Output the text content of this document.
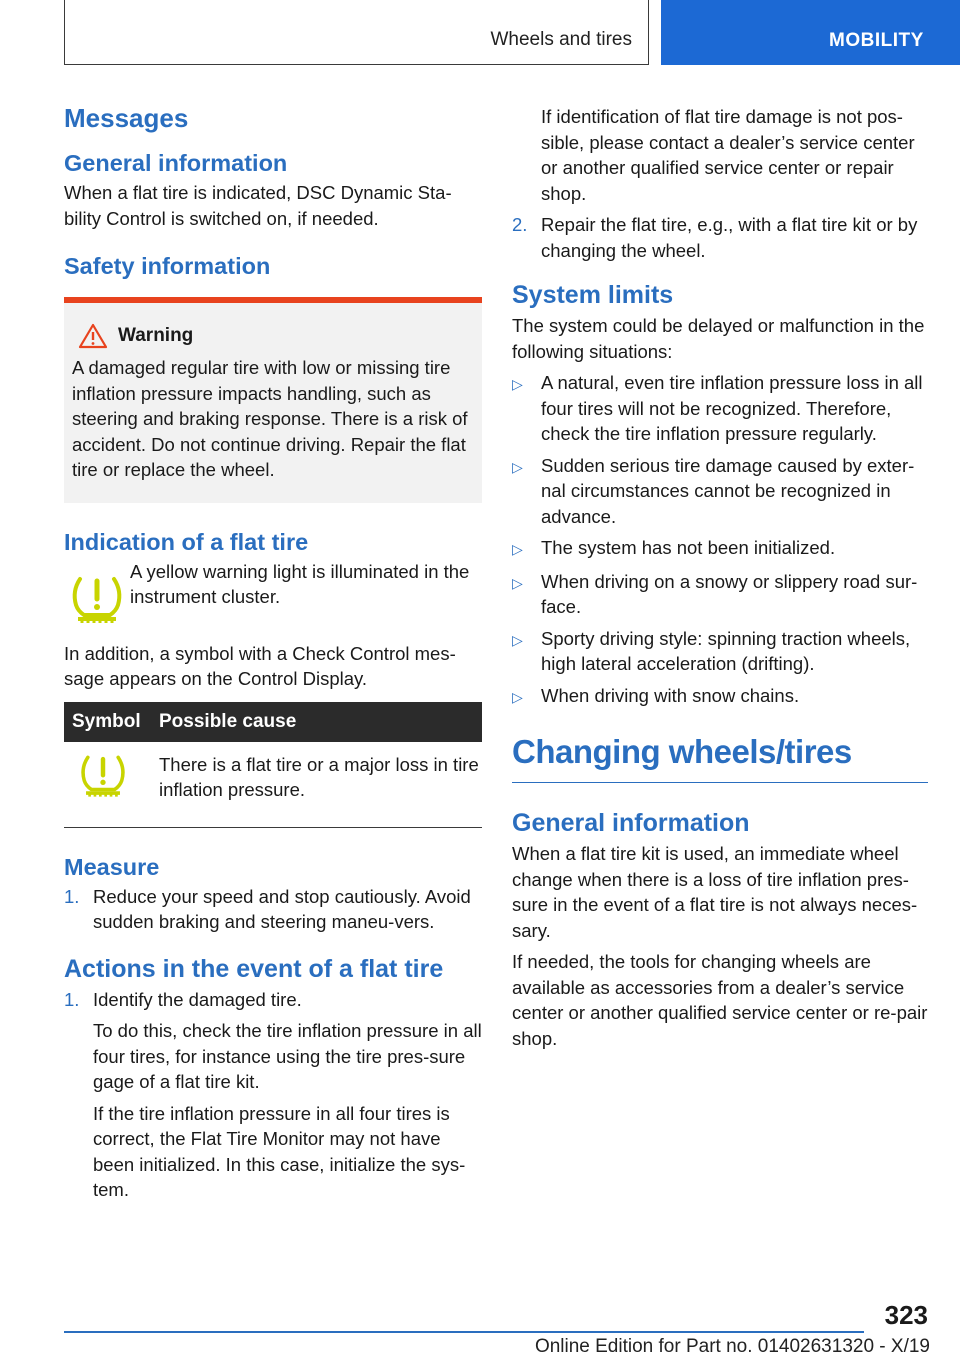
Wheels and tires	MOBILITY
Messages
General information

When a flat tire is indicated, DSC Dynamic Sta-bility Control is switched on, if needed.

Safety information
Warning

A damaged regular tire with low or missing tire inflation pressure impacts handling, such as steering and braking response. There is a risk of accident. Do not continue driving. Repair the flat tire or replace the wheel.

Indication of a flat tire

A yellow warning light is illuminated in the instrument cluster.

In addition, a symbol with a Check Control mes-sage appears on the Control Display.

Symbol	Possible cause
	There is a flat tire or a major loss in tire inflation pressure.
Measure
1. Reduce your speed and stop cautiously. Avoid sudden braking and steering maneu-vers.
Actions in the event of a flat tire
1. Identify the damaged tire.

To do this, check the tire inflation pressure in all four tires, for instance using the tire pres-sure gage of a flat tire kit.

If the tire inflation pressure in all four tires is correct, the Flat Tire Monitor may not have been initialized. In this case, initialize the sys-tem.

If identification of flat tire damage is not pos-sible, please contact a dealer’s service center or another qualified service center or repair shop.

2. Repair the flat tire, e.g., with a flat tire kit or by changing the wheel.
System limits

The system could be delayed or malfunction in the following situations:

▷ A natural, even tire inflation pressure loss in all four tires will not be recognized. Therefore, check the tire inflation pressure regularly.
▷ Sudden serious tire damage caused by exter-nal circumstances cannot be recognized in advance.
▷ The system has not been initialized.
▷ When driving on a snowy or slippery road sur-face.
▷ Sporty driving style: spinning traction wheels, high lateral acceleration (drifting).
▷ When driving with snow chains.
Changing wheels/tires
General information

When a flat tire kit is used, an immediate wheel change when there is a loss of tire inflation pres-sure in the event of a flat tire is not always neces-sary.

If needed, the tools for changing wheels are available as accessories from a dealer’s service center or another qualified service center or re-pair shop.

323
Online Edition for Part no. 01402631320 - X/19
